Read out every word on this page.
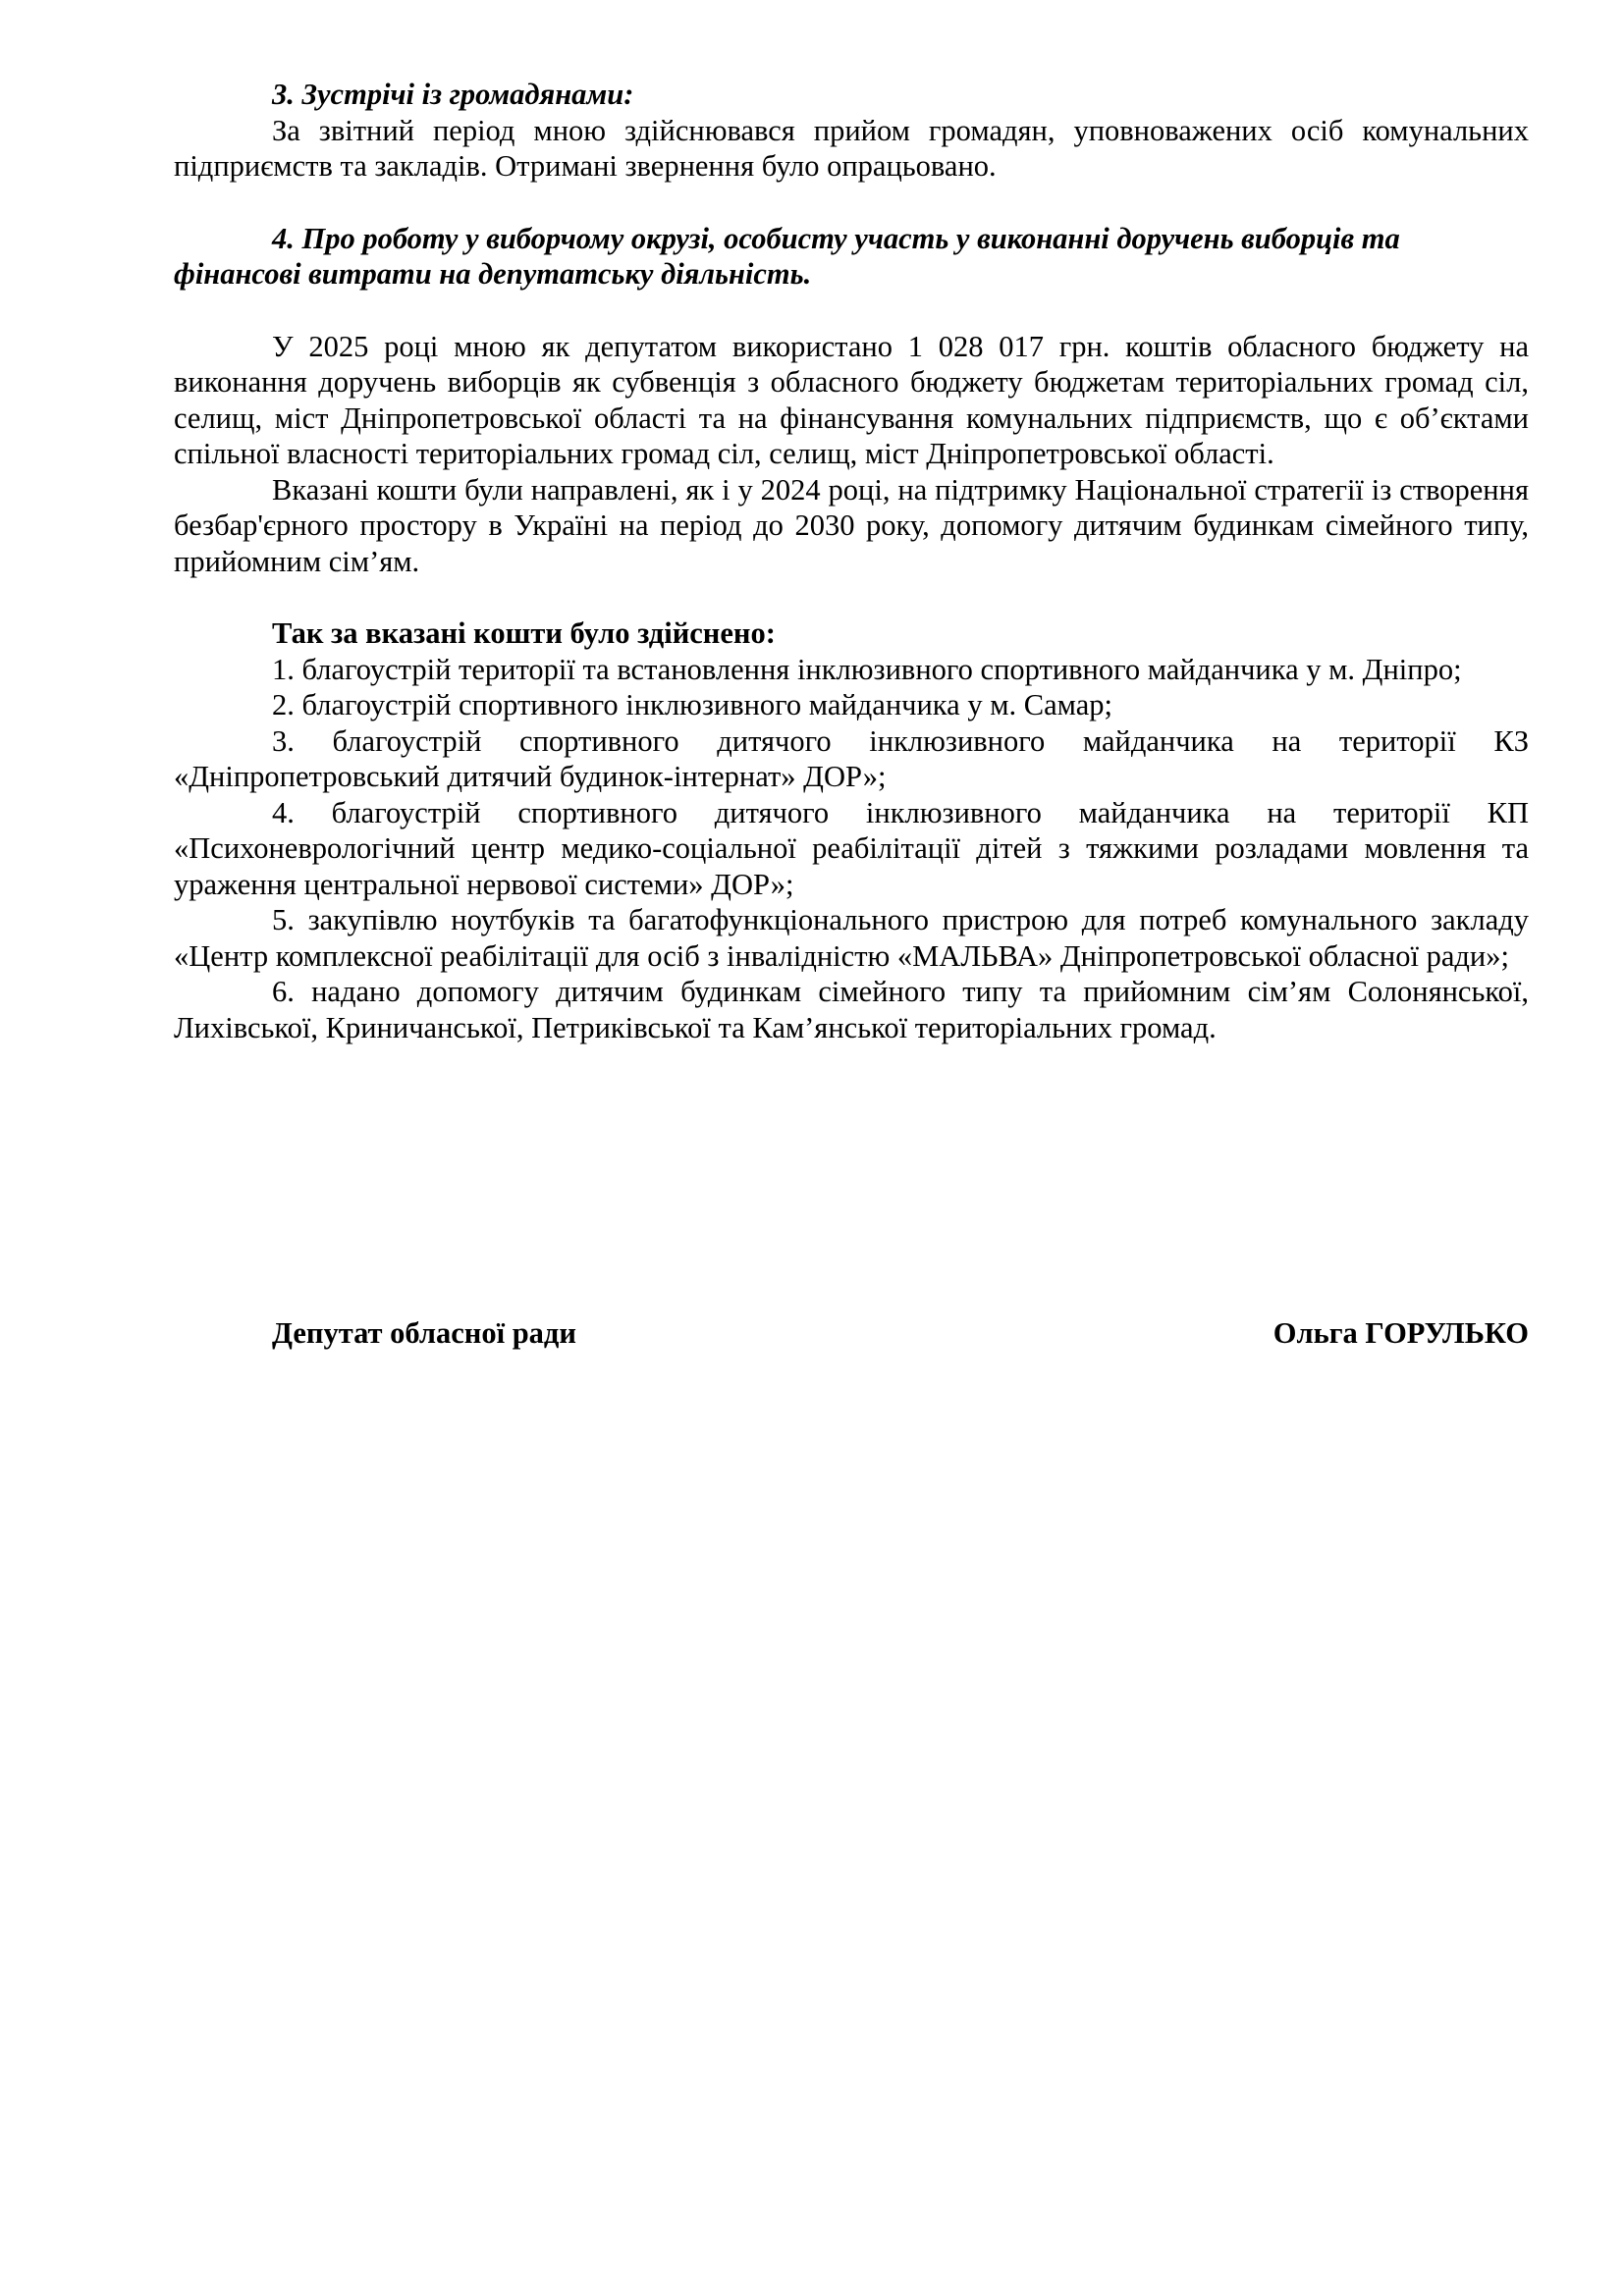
3. Зустрічі із громадянами:

За звітний період мною здійснювався прийом громадян, уповноважених осіб комунальних підприємств та закладів. Отримані звернення було опрацьовано.

4. Про роботу у виборчому окрузі, особисту участь у виконанні доручень виборців та фінансові витрати на депутатську діяльність.

У 2025 році мною як депутатом використано 1 028 017 грн. коштів обласного бюджету на виконання доручень виборців як субвенція з обласного бюджету бюджетам територіальних громад сіл, селищ, міст Дніпропетровської області та на фінансування комунальних підприємств, що є об’єктами спільної власності територіальних громад сіл, селищ, міст Дніпропетровської області.

Вказані кошти були направлені, як і у 2024 році, на підтримку Національної стратегії із створення безбар'єрного простору в Україні на період до 2030 року, допомогу дитячим будинкам сімейного типу, прийомним сім’ям.

Так за вказані кошти було здійснено:

1. благоустрій території та встановлення інклюзивного спортивного майданчика у м. Дніпро;
2. благоустрій спортивного інклюзивного майданчика у м. Самар;
3. благоустрій спортивного дитячого інклюзивного майданчика на території КЗ «Дніпропетровський дитячий будинок-інтернат» ДОР»;
4. благоустрій спортивного дитячого інклюзивного майданчика на території КП «Психоневрологічний центр медико-соціальної реабілітації дітей з тяжкими розладами мовлення та ураження центральної нервової системи» ДОР»;
5. закупівлю ноутбуків та багатофункціонального пристрою для потреб комунального закладу «Центр комплексної реабілітації для осіб з інвалідністю «МАЛЬВА» Дніпропетровської обласної ради»;
6. надано допомогу дитячим будинкам сімейного типу та прийомним сім’ям Солонянської, Лихівської, Криничанської, Петриківської та Кам’янської територіальних громад.
Депутат обласної ради	Ольга ГОРУЛЬКО
